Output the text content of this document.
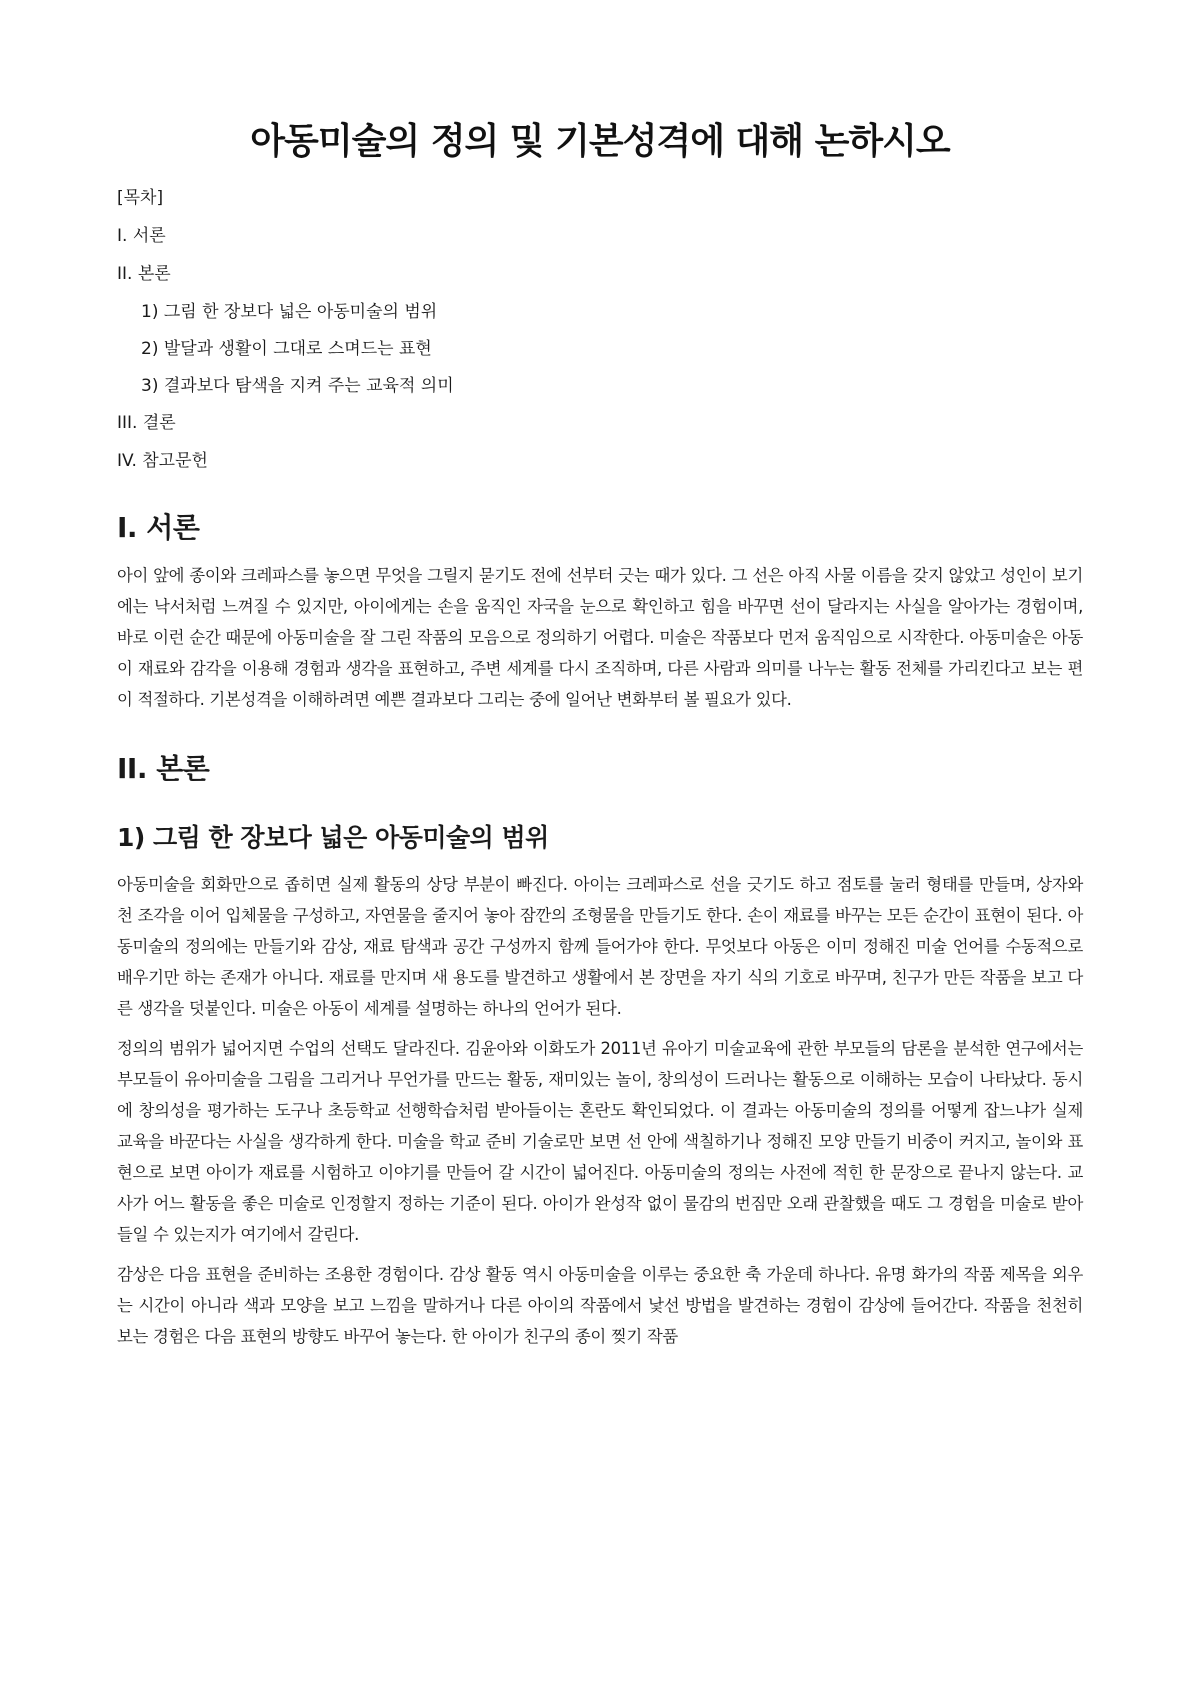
아동미술의 정의 및 기본성격에 대해 논하시오

[목차]

I. 서론

II. 본론

1) 그림 한 장보다 넓은 아동미술의 범위

2) 발달과 생활이 그대로 스며드는 표현

3) 결과보다 탐색을 지켜 주는 교육적 의미

III. 결론

IV. 참고문헌

I. 서론

아이 앞에 종이와 크레파스를 놓으면 무엇을 그릴지 묻기도 전에 선부터 긋는 때가 있다. 그 선은 아직 사물 이름을 갖지 않았고 성인이 보기에는 낙서처럼 느껴질 수 있지만, 아이에게는 손을 움직인 자국을 눈으로 확인하고 힘을 바꾸면 선이 달라지는 사실을 알아가는 경험이며, 바로 이런 순간 때문에 아동미술을 잘 그린 작품의 모음으로 정의하기 어렵다. 미술은 작품보다 먼저 움직임으로 시작한다. 아동미술은 아동이 재료와 감각을 이용해 경험과 생각을 표현하고, 주변 세계를 다시 조직하며, 다른 사람과 의미를 나누는 활동 전체를 가리킨다고 보는 편이 적절하다. 기본성격을 이해하려면 예쁜 결과보다 그리는 중에 일어난 변화부터 볼 필요가 있다.

II. 본론
1) 그림 한 장보다 넓은 아동미술의 범위

아동미술을 회화만으로 좁히면 실제 활동의 상당 부분이 빠진다. 아이는 크레파스로 선을 긋기도 하고 점토를 눌러 형태를 만들며, 상자와 천 조각을 이어 입체물을 구성하고, 자연물을 줄지어 놓아 잠깐의 조형물을 만들기도 한다. 손이 재료를 바꾸는 모든 순간이 표현이 된다. 아동미술의 정의에는 만들기와 감상, 재료 탐색과 공간 구성까지 함께 들어가야 한다. 무엇보다 아동은 이미 정해진 미술 언어를 수동적으로 배우기만 하는 존재가 아니다. 재료를 만지며 새 용도를 발견하고 생활에서 본 장면을 자기 식의 기호로 바꾸며, 친구가 만든 작품을 보고 다른 생각을 덧붙인다. 미술은 아동이 세계를 설명하는 하나의 언어가 된다.

정의의 범위가 넓어지면 수업의 선택도 달라진다. 김윤아와 이화도가 2011년 유아기 미술교육에 관한 부모들의 담론을 분석한 연구에서는 부모들이 유아미술을 그림을 그리거나 무언가를 만드는 활동, 재미있는 놀이, 창의성이 드러나는 활동으로 이해하는 모습이 나타났다. 동시에 창의성을 평가하는 도구나 초등학교 선행학습처럼 받아들이는 혼란도 확인되었다. 이 결과는 아동미술의 정의를 어떻게 잡느냐가 실제 교육을 바꾼다는 사실을 생각하게 한다. 미술을 학교 준비 기술로만 보면 선 안에 색칠하기나 정해진 모양 만들기 비중이 커지고, 놀이와 표현으로 보면 아이가 재료를 시험하고 이야기를 만들어 갈 시간이 넓어진다. 아동미술의 정의는 사전에 적힌 한 문장으로 끝나지 않는다. 교사가 어느 활동을 좋은 미술로 인정할지 정하는 기준이 된다. 아이가 완성작 없이 물감의 번짐만 오래 관찰했을 때도 그 경험을 미술로 받아들일 수 있는지가 여기에서 갈린다.

감상은 다음 표현을 준비하는 조용한 경험이다. 감상 활동 역시 아동미술을 이루는 중요한 축 가운데 하나다. 유명 화가의 작품 제목을 외우는 시간이 아니라 색과 모양을 보고 느낌을 말하거나 다른 아이의 작품에서 낯선 방법을 발견하는 경험이 감상에 들어간다. 작품을 천천히 보는 경험은 다음 표현의 방향도 바꾸어 놓는다. 한 아이가 친구의 종이 찢기 작품
